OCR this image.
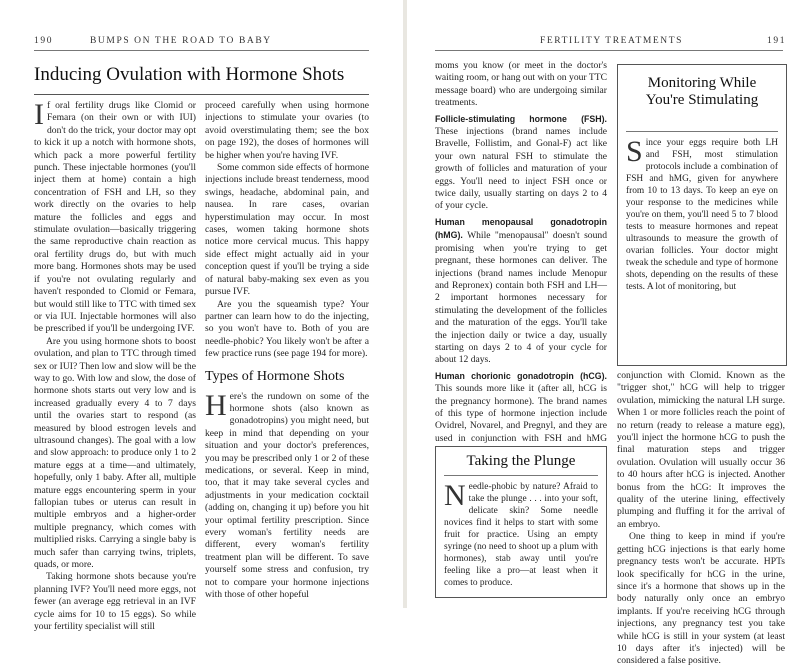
190	BUMPS ON THE ROAD TO BABY
Inducing Ovulation with Hormone Shots

If oral fertility drugs like Clomid or Femara (on their own or with IUI) don't do the trick, your doctor may opt to kick it up a notch with hormone shots, which pack a more powerful fertility punch. These injectable hormones (you'll inject them at home) contain a high concentration of FSH and LH, so they work directly on the ovaries to help mature the follicles and eggs and stimulate ovulation—basically triggering the same reproductive chain reaction as oral fertility drugs do, but with much more bang. Hormones shots may be used if you're not ovulating regularly and haven't responded to Clomid or Femara, but would still like to TTC with timed sex or via IUI. Injectable hormones will also be prescribed if you'll be undergoing IVF.

Are you using hormone shots to boost ovulation, and plan to TTC through timed sex or IUI? Then low and slow will be the way to go. With low and slow, the dose of hormone shots starts out very low and is increased gradually every 4 to 7 days until the ovaries start to respond (as measured by blood estrogen levels and ultrasound changes). The goal with a low and slow approach: to produce only 1 to 2 mature eggs at a time—and ultimately, hopefully, only 1 baby. After all, multiple mature eggs encountering sperm in your fallopian tubes or uterus can result in multiple embryos and a higher-order multiple pregnancy, which comes with multiplied risks. Carrying a single baby is much safer than carrying twins, triplets, quads, or more.

Taking hormone shots because you're planning IVF? You'll need more eggs, not fewer (an average egg retrieval in an IVF cycle aims for 10 to 15 eggs). So while your fertility specialist will still

proceed carefully when using hormone injections to stimulate your ovaries (to avoid overstimulating them; see the box on page 192), the doses of hormones will be higher when you're having IVF.

Some common side effects of hormone injections include breast tenderness, mood swings, headache, abdominal pain, and nausea. In rare cases, ovarian hyperstimulation may occur. In most cases, women taking hormone shots notice more cervical mucus. This happy side effect might actually aid in your conception quest if you'll be trying a side of natural baby-making sex even as you pursue IVF.

Are you the squeamish type? Your partner can learn how to do the injecting, so you won't have to. Both of you are needle-phobic? You likely won't be after a few practice runs (see page 194 for more).

Types of Hormone Shots

Here's the rundown on some of the hormone shots (also known as gonadotropins) you might need, but keep in mind that depending on your situation and your doctor's preferences, you may be prescribed only 1 or 2 of these medications, or several. Keep in mind, too, that it may take several cycles and adjustments in your medication cocktail (adding on, changing it up) before you hit your optimal fertility prescription. Since every woman's fertility needs are different, every woman's fertility treatment plan will be different. To save yourself some stress and confusion, try not to compare your hormone injections with those of other hopeful

FERTILITY TREATMENTS	191

moms you know (or meet in the doctor's waiting room, or hang out with on your TTC message board) who are undergoing similar treatments.

Follicle-stimulating hormone (FSH). These injections (brand names include Bravelle, Follistim, and Gonal-F) act like your own natural FSH to stimulate the growth of follicles and maturation of your eggs. You'll need to inject FSH once or twice daily, usually starting on days 2 to 4 of your cycle.

Human menopausal gonadotropin (hMG). While "menopausal" doesn't sound promising when you're trying to get pregnant, these hormones can deliver. The injections (brand names include Menopur and Repronex) contain both FSH and LH—2 important hormones necessary for stimulating the development of the follicles and the maturation of the eggs. You'll take the injection daily or twice a day, usually starting on days 2 to 4 of your cycle for about 12 days.

Human chorionic gonadotropin (hCG). This sounds more like it (after all, hCG is the pregnancy hormone). The brand names of this type of hormone injection include Ovidrel, Novarel, and Pregnyl, and they are used in conjunction with FSH and hMG

Taking the Plunge

Needle-phobic by nature? Afraid to take the plunge . . . into your soft, delicate skin? Some needle novices find it helps to start with some fruit for practice. Using an empty syringe (no need to shoot up a plum with hormones), stab away until you're feeling like a pro—at least when it comes to produce.

Monitoring While You're Stimulating

Since your eggs require both LH and FSH, most stimulation protocols include a combination of FSH and hMG, given for anywhere from 10 to 13 days. To keep an eye on your response to the medicines while you're on them, you'll need 5 to 7 blood tests to measure hormones and repeat ultrasounds to measure the growth of ovarian follicles. Your doctor might tweak the schedule and type of hormone shots, depending on the results of these tests. A lot of monitoring, but

conjunction with Clomid. Known as the "trigger shot," hCG will help to trigger ovulation, mimicking the natural LH surge. When 1 or more follicles reach the point of no return (ready to release a mature egg), you'll inject the hormone hCG to push the final maturation steps and trigger ovulation. Ovulation will usually occur 36 to 40 hours after hCG is injected. Another bonus from the hCG: It improves the quality of the uterine lining, effectively plumping and fluffing it for the arrival of an embryo.

One thing to keep in mind if you're getting hCG injections is that early home pregnancy tests won't be accurate. HPTs look specifically for hCG in the urine, since it's a hormone that shows up in the body naturally only once an embryo implants. If you're receiving hCG through injections, any pregnancy test you take while hCG is still in your system (at least 10 days after it's injected) will be considered a false positive.
